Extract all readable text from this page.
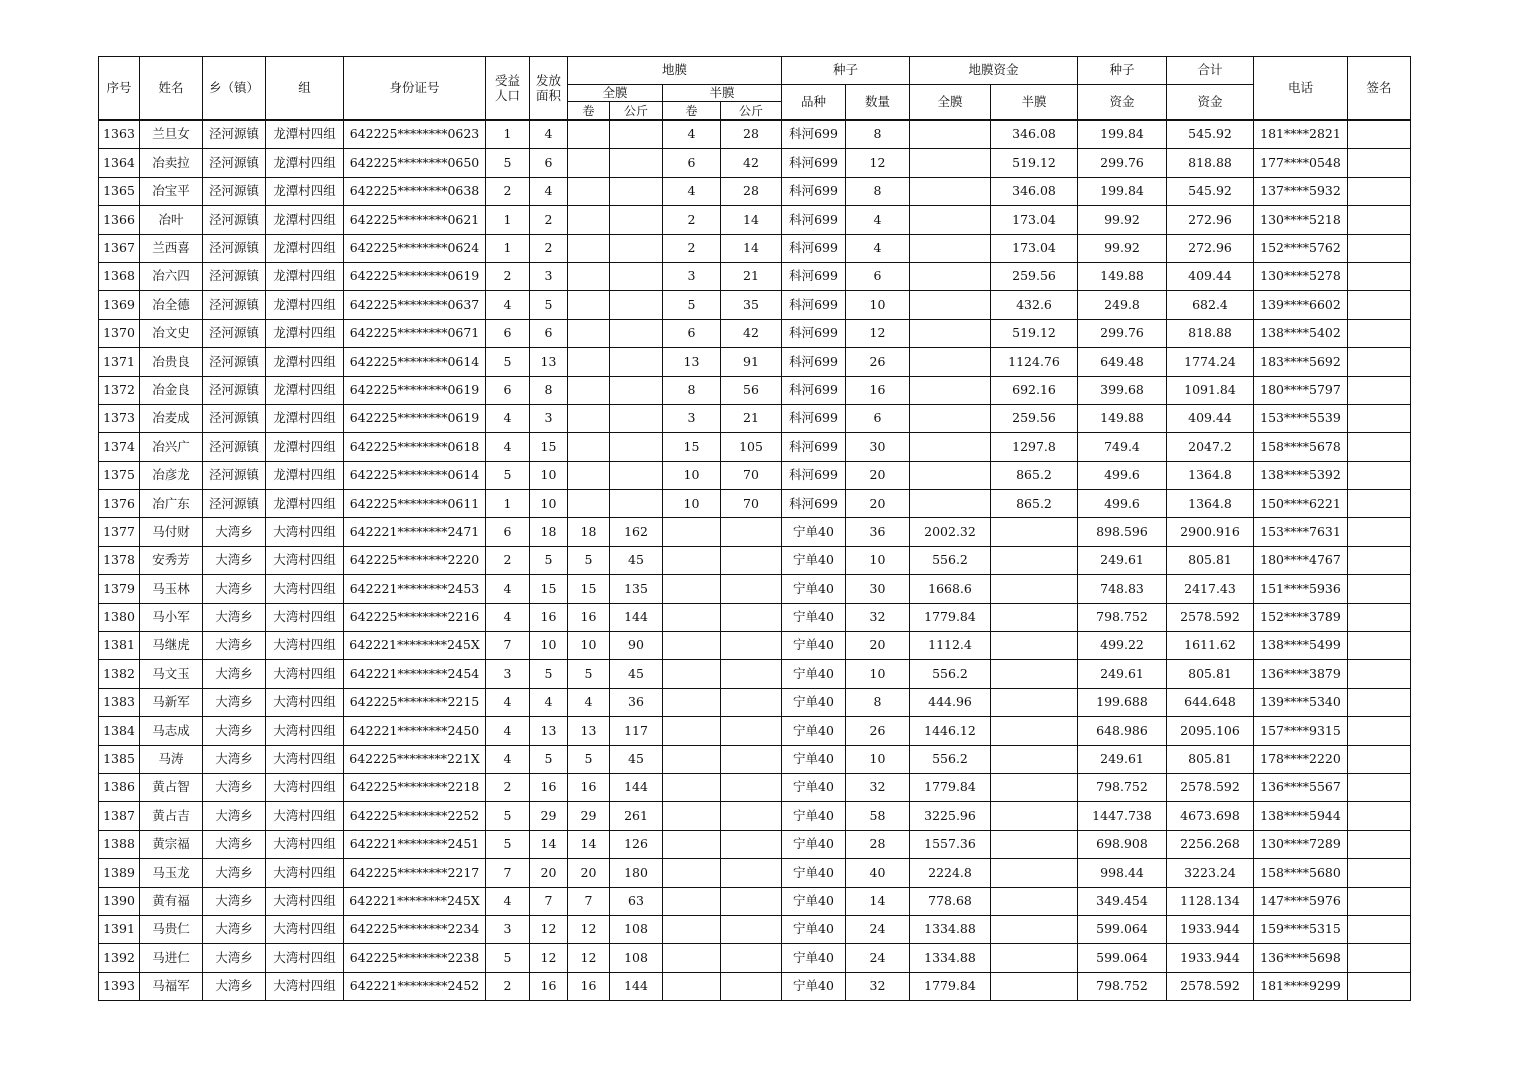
序号	姓名	乡（镇）	组	身份证号	受益人口	发放面积	地膜				种子		地膜资金		种子	合计	电话	签名
							全膜		半膜		品种	数量	全膜	半膜	资金	资金		
							卷	公斤	卷	公斤								
1363	兰旦女	泾河源镇	龙潭村四组	642225********0623	1	4			4	28	科河699	8		346.08	199.84	545.92	181****2821	
1364	冶卖拉	泾河源镇	龙潭村四组	642225********0650	5	6			6	42	科河699	12		519.12	299.76	818.88	177****0548	
1365	冶宝平	泾河源镇	龙潭村四组	642225********0638	2	4			4	28	科河699	8		346.08	199.84	545.92	137****5932	
1366	冶叶	泾河源镇	龙潭村四组	642225********0621	1	2			2	14	科河699	4		173.04	99.92	272.96	130****5218	
1367	兰西喜	泾河源镇	龙潭村四组	642225********0624	1	2			2	14	科河699	4		173.04	99.92	272.96	152****5762	
1368	冶六四	泾河源镇	龙潭村四组	642225********0619	2	3			3	21	科河699	6		259.56	149.88	409.44	130****5278	
1369	冶全德	泾河源镇	龙潭村四组	642225********0637	4	5			5	35	科河699	10		432.6	249.8	682.4	139****6602	
1370	冶文史	泾河源镇	龙潭村四组	642225********0671	6	6			6	42	科河699	12		519.12	299.76	818.88	138****5402	
1371	冶贵良	泾河源镇	龙潭村四组	642225********0614	5	13			13	91	科河699	26		1124.76	649.48	1774.24	183****5692	
1372	冶金良	泾河源镇	龙潭村四组	642225********0619	6	8			8	56	科河699	16		692.16	399.68	1091.84	180****5797	
1373	冶麦成	泾河源镇	龙潭村四组	642225********0619	4	3			3	21	科河699	6		259.56	149.88	409.44	153****5539	
1374	冶兴广	泾河源镇	龙潭村四组	642225********0618	4	15			15	105	科河699	30		1297.8	749.4	2047.2	158****5678	
1375	冶彦龙	泾河源镇	龙潭村四组	642225********0614	5	10			10	70	科河699	20		865.2	499.6	1364.8	138****5392	
1376	冶广东	泾河源镇	龙潭村四组	642225********0611	1	10			10	70	科河699	20		865.2	499.6	1364.8	150****6221	
1377	马付财	大湾乡	大湾村四组	642221********2471	6	18	18	162			宁单40	36	2002.32		898.596	2900.916	153****7631	
1378	安秀芳	大湾乡	大湾村四组	642225********2220	2	5	5	45			宁单40	10	556.2		249.61	805.81	180****4767	
1379	马玉林	大湾乡	大湾村四组	642221********2453	4	15	15	135			宁单40	30	1668.6		748.83	2417.43	151****5936	
1380	马小军	大湾乡	大湾村四组	642225********2216	4	16	16	144			宁单40	32	1779.84		798.752	2578.592	152****3789	
1381	马继虎	大湾乡	大湾村四组	642221********245X	7	10	10	90			宁单40	20	1112.4		499.22	1611.62	138****5499	
1382	马文玉	大湾乡	大湾村四组	642221********2454	3	5	5	45			宁单40	10	556.2		249.61	805.81	136****3879	
1383	马新军	大湾乡	大湾村四组	642225********2215	4	4	4	36			宁单40	8	444.96		199.688	644.648	139****5340	
1384	马志成	大湾乡	大湾村四组	642221********2450	4	13	13	117			宁单40	26	1446.12		648.986	2095.106	157****9315	
1385	马涛	大湾乡	大湾村四组	642225********221X	4	5	5	45			宁单40	10	556.2		249.61	805.81	178****2220	
1386	黄占智	大湾乡	大湾村四组	642225********2218	2	16	16	144			宁单40	32	1779.84		798.752	2578.592	136****5567	
1387	黄占吉	大湾乡	大湾村四组	642225********2252	5	29	29	261			宁单40	58	3225.96		1447.738	4673.698	138****5944	
1388	黄宗福	大湾乡	大湾村四组	642221********2451	5	14	14	126			宁单40	28	1557.36		698.908	2256.268	130****7289	
1389	马玉龙	大湾乡	大湾村四组	642225********2217	7	20	20	180			宁单40	40	2224.8		998.44	3223.24	158****5680	
1390	黄有福	大湾乡	大湾村四组	642221********245X	4	7	7	63			宁单40	14	778.68		349.454	1128.134	147****5976	
1391	马贵仁	大湾乡	大湾村四组	642225********2234	3	12	12	108			宁单40	24	1334.88		599.064	1933.944	159****5315	
1392	马进仁	大湾乡	大湾村四组	642225********2238	5	12	12	108			宁单40	24	1334.88		599.064	1933.944	136****5698	
1393	马福军	大湾乡	大湾村四组	642221********2452	2	16	16	144			宁单40	32	1779.84		798.752	2578.592	181****9299	
